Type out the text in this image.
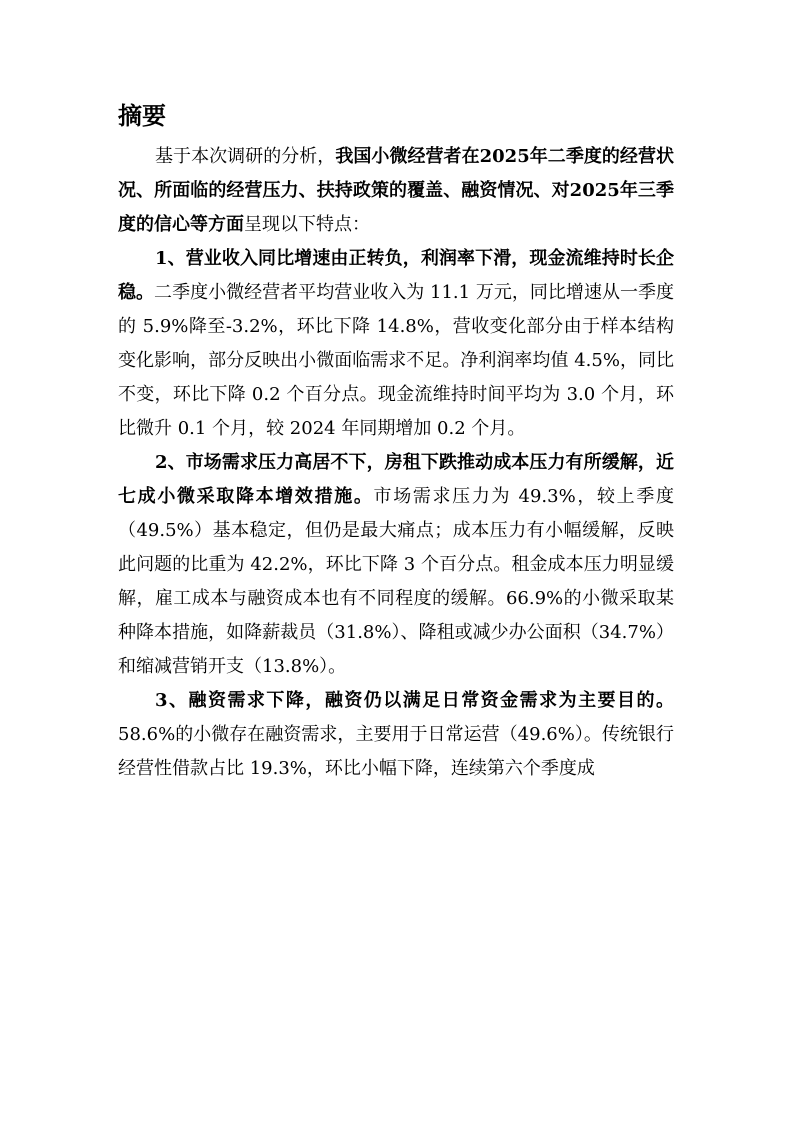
摘要

基于本次调研的分析，我国小微经营者在2025年二季度的经营状况、所面临的经营压力、扶持政策的覆盖、融资情况、对2025年三季度的信心等方面呈现以下特点：

1、营业收入同比增速由正转负，利润率下滑，现金流维持时长企稳。二季度小微经营者平均营业收入为 11.1 万元，同比增速从一季度的 5.9%降至-3.2%，环比下降 14.8%，营收变化部分由于样本结构变化影响，部分反映出小微面临需求不足。净利润率均值 4.5%，同比不变，环比下降 0.2 个百分点。现金流维持时间平均为 3.0 个月，环比微升 0.1 个月，较 2024 年同期增加 0.2 个月。

2、市场需求压力高居不下，房租下跌推动成本压力有所缓解，近七成小微采取降本增效措施。市场需求压力为 49.3%，较上季度（49.5%）基本稳定，但仍是最大痛点；成本压力有小幅缓解，反映此问题的比重为 42.2%，环比下降 3 个百分点。租金成本压力明显缓解，雇工成本与融资成本也有不同程度的缓解。66.9%的小微采取某种降本措施，如降薪裁员（31.8%）、降租或减少办公面积（34.7%）和缩减营销开支（13.8%）。

3、融资需求下降，融资仍以满足日常资金需求为主要目的。58.6%的小微存在融资需求，主要用于日常运营（49.6%）。传统银行经营性借款占比 19.3%，环比小幅下降，连续第六个季度成
